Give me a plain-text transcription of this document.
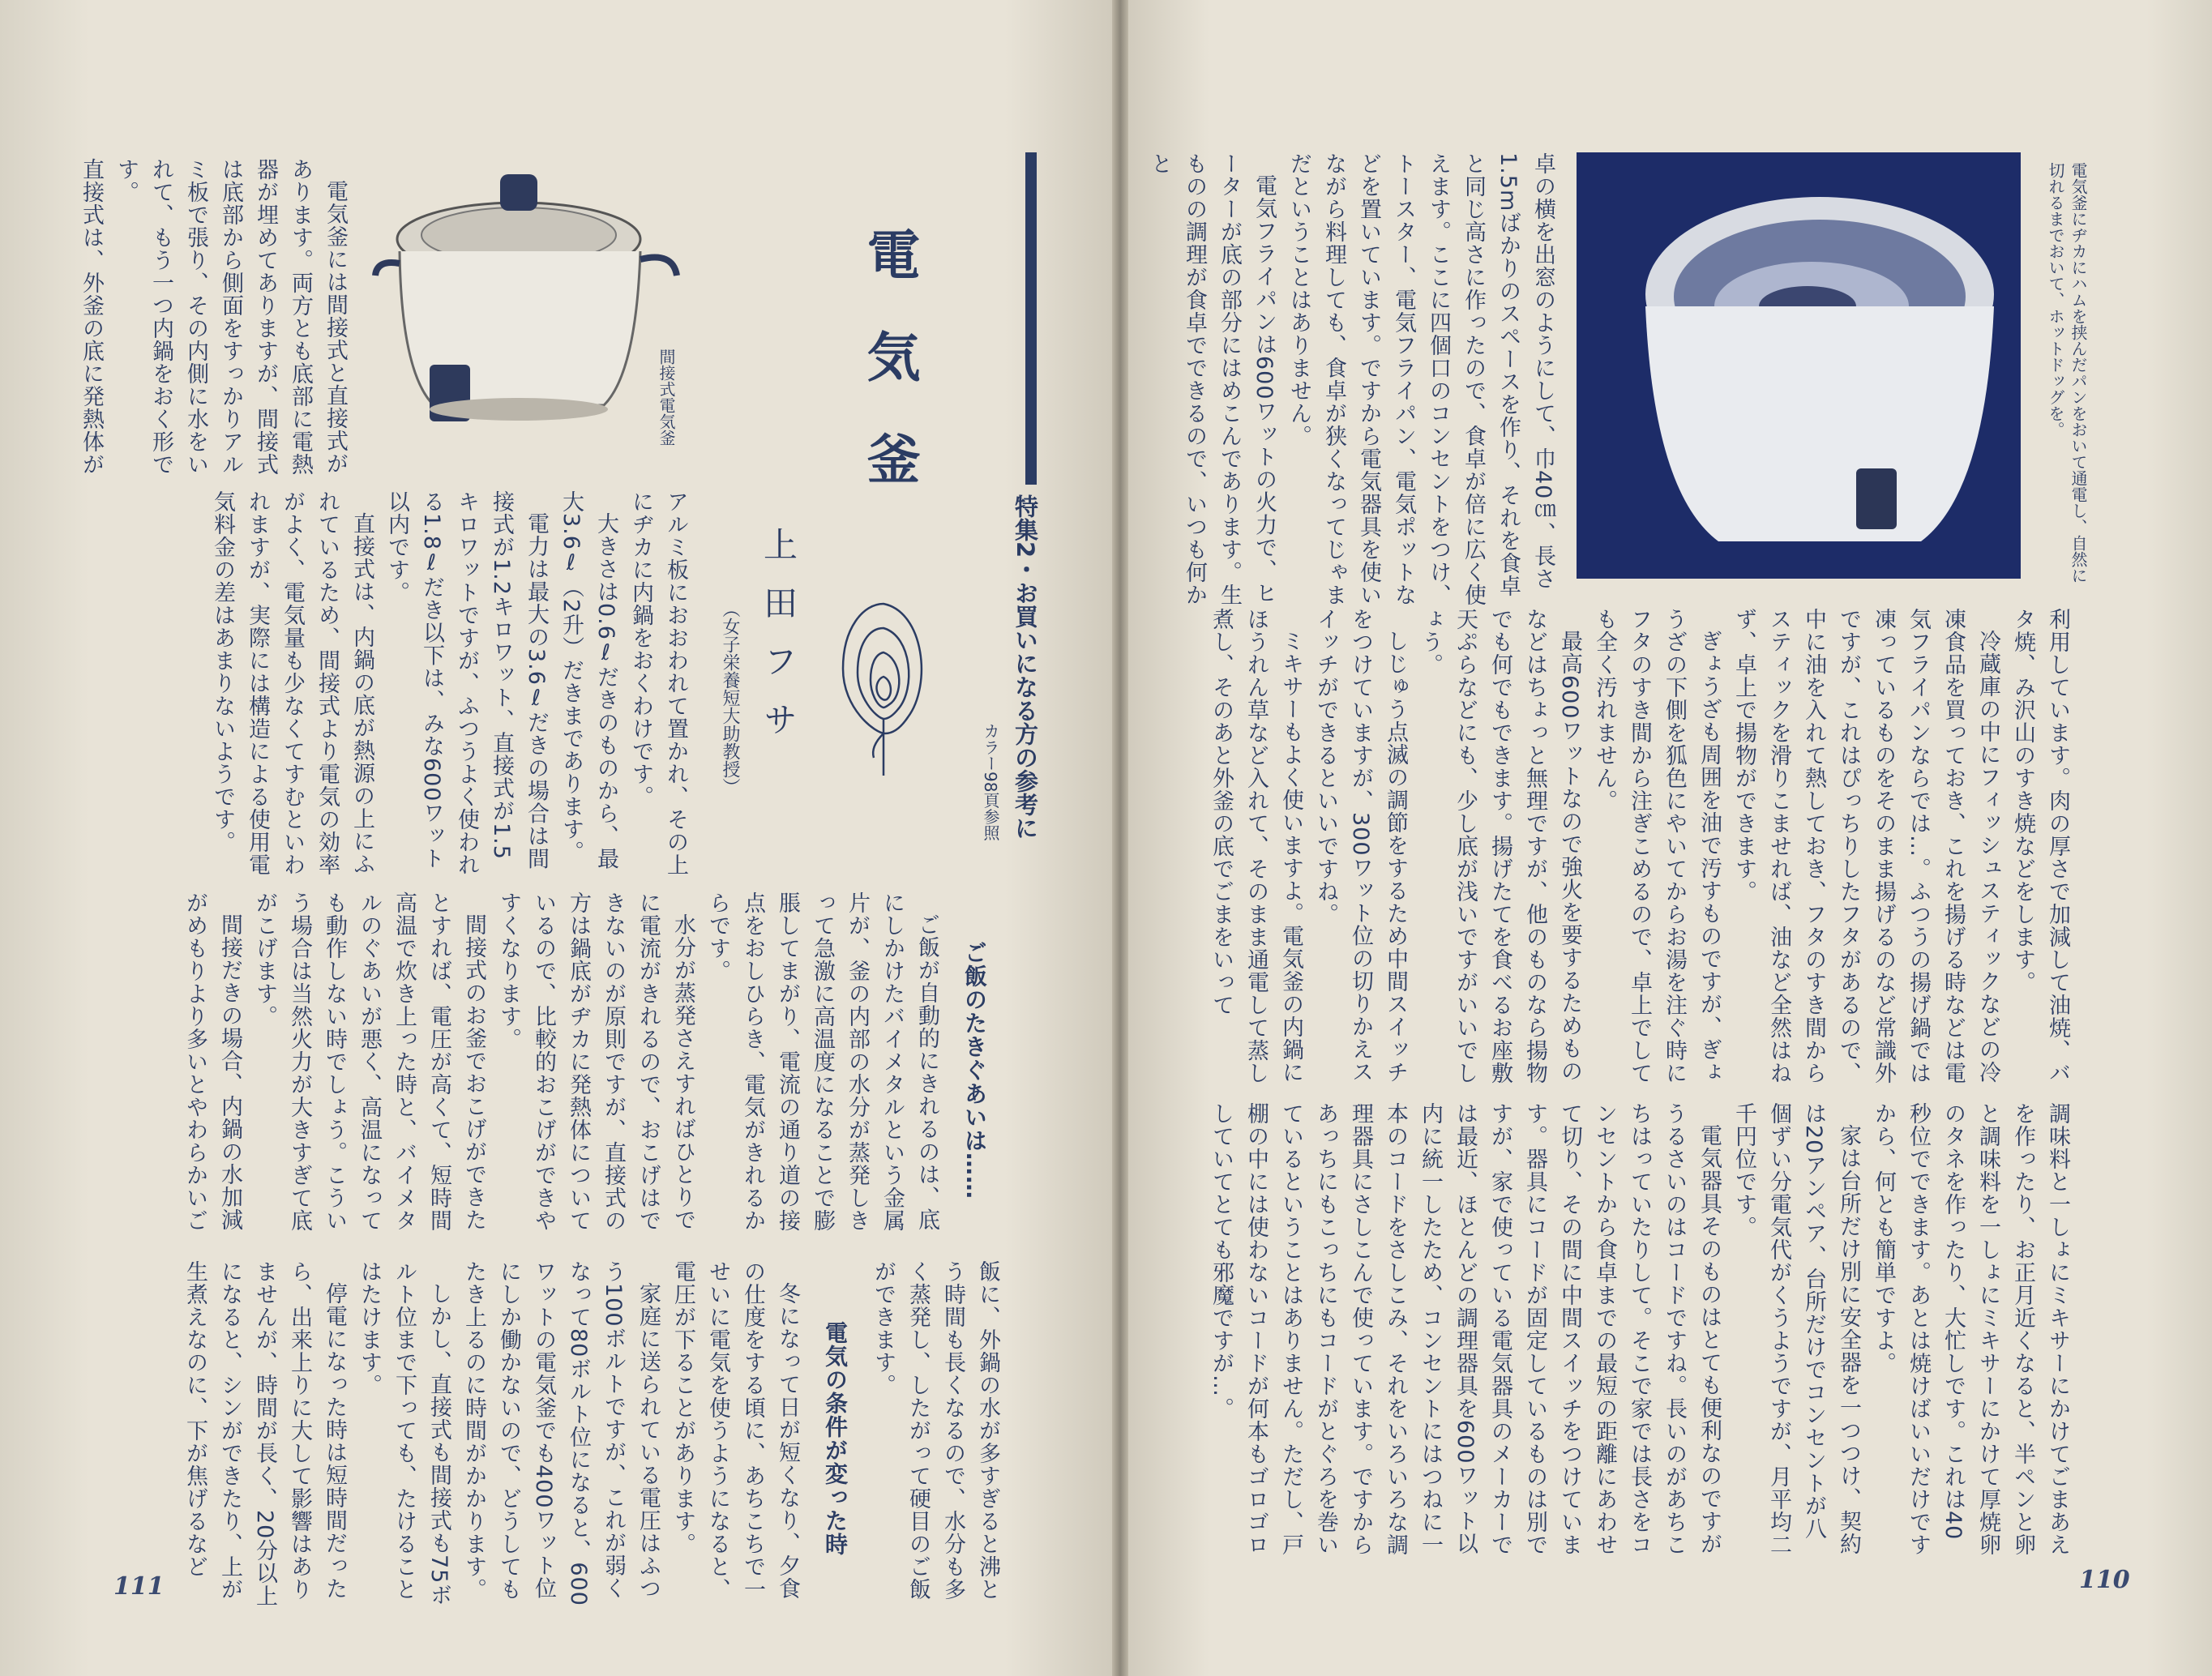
特集2・お買いになる方の参考に
カラー98頁参照
電気釜
上田フサ
（女子栄養短大助教授）
間接式電気釜

電気釜には間接式と直接式があります。両方とも底部に電熱器が埋めてありますが、間接式は底部から側面をすっかりアルミ板で張り、その内側に水をいれて、もう一つ内鍋をおく形です。

直接式は、外釜の底に発熱体が

アルミ板におおわれて置かれ、その上にヂカに内鍋をおくわけです。

大きさは0.6ℓだきのものから、最大3.6ℓ（2升）だきまであります。

電力は最大の3.6ℓだきの場合は間接式が1.2キロワット、直接式が1.5キロワットですが、ふつうよく使われる1.8ℓだき以下は、みな600ワット以内です。

直接式は、内鍋の底が熱源の上にふれているため、間接式より電気の効率がよく、電気量も少なくてすむといわれますが、実際には構造による使用電気料金の差はあまりないようです。

ご飯のたきぐあいは……

ご飯が自動的にきれるのは、底にしかけたバイメタルという金属片が、釜の内部の水分が蒸発しきって急激に高温度になることで膨脹してまがり、電流の通り道の接点をおしひらき、電気がきれるからです。

水分が蒸発さえすればひとりでに電流がきれるので、おこげはできないのが原則ですが、直接式の方は鍋底がヂカに発熱体についているので、比較的おこげができやすくなります。

間接式のお釜でおこげができたとすれば、電圧が高くて、短時間高温で炊き上った時と、バイメタルのぐあいが悪く、高温になっても動作しない時でしょう。こういう場合は当然火力が大きすぎて底がこげます。

間接だきの場合、内鍋の水加減がめもりより多いとやわらかいご

飯に、外鍋の水が多すぎると沸とう時間も長くなるので、水分も多く蒸発し、したがって硬目のご飯ができます。

電気の条件が変った時

冬になって日が短くなり、夕食の仕度をする頃に、あちこちで一せいに電気を使うようになると、電圧が下ることがあります。

家庭に送られている電圧はふつう100ボルトですが、これが弱くなって80ボルト位になると、600ワットの電気釜でも400ワット位にしか働かないので、どうしてもたき上るのに時間がかかります。

しかし、直接式も間接式も75ボルト位まで下っても、たけることはたけます。

停電になった時は短時間だったら、出来上りに大して影響はありませんが、時間が長く、20分以上になると、シンができたり、上が生煮えなのに、下が焦げるなど

111

卓の横を出窓のようにして、巾40㎝、長さ1.5mばかりのスペースを作り、それを食卓と同じ高さに作ったので、食卓が倍に広く使えます。ここに四個口のコンセントをつけ、トースター、電気フライパン、電気ポットなどを置いています。ですから電気器具を使いながら料理しても、食卓が狭くなってじゃまだということはありません。

電気フライパンは600ワットの火力で、ヒーターが底の部分にはめこんであります。生ものの調理が食卓でできるので、いつも何かと	電気釜にヂカにハムを挟んだパンをおいて通電し、自然に切れるまでおいて、ホットドッグを。

利用しています。肉の厚さで加減して油焼、バタ焼、み沢山のすき焼などをします。

冷蔵庫の中にフィッシュスティックなどの冷凍食品を買っておき、これを揚げる時などは電気フライパンならでは…。ふつうの揚げ鍋では凍っているものをそのまま揚げるのなど常識外ですが、これはぴっちりしたフタがあるので、中に油を入れて熱しておき、フタのすき間からスティックを滑りこませれば、油など全然はねず、卓上で揚物ができます。

ぎょうざも周囲を油で汚すものですが、ぎょうざの下側を狐色にやいてからお湯を注ぐ時にフタのすき間から注ぎこめるので、卓上でしても全く汚れません。

最高600ワットなので強火を要するためものなどはちょっと無理ですが、他のものなら揚物でも何でもできます。揚げたてを食べるお座敷天ぷらなどにも、少し底が浅いですがいいでしょう。

しじゅう点滅の調節をするため中間スイッチをつけていますが、300ワット位の切りかえスイッチができるといいですね。

ミキサーもよく使いますよ。電気釜の内鍋にほうれん草など入れて、そのまま通電して蒸し煮し、そのあと外釜の底でごまをいって

調味料と一しょにミキサーにかけてごまあえを作ったり、お正月近くなると、半ペンと卵と調味料を一しょにミキサーにかけて厚焼卵のタネを作ったり、大忙しです。これは40秒位でできます。あとは焼けばいいだけですから、何とも簡単ですよ。

家は台所だけ別に安全器を一つつけ、契約は20アンペア、台所だけでコンセントが八個ずい分電気代がくうようですが、月平均二千円位です。

電気器具そのものはとても便利なのですがうるさいのはコードですね。長いのがあちこちはっていたりして。そこで家では長さをコンセントから食卓までの最短の距離にあわせて切り、その間に中間スイッチをつけています。器具にコードが固定しているものは別ですが、家で使っている電気器具のメーカーでは最近、ほとんどの調理器具を600ワット以内に統一したため、コンセントにはつねに一本のコードをさしこみ、それをいろいろな調理器具にさしこんで使っています。ですからあっちにもこっちにもコードがとぐろを巻いているということはありません。ただし、戸棚の中には使わないコードが何本もゴロゴロしていてとても邪魔ですが…。

110
